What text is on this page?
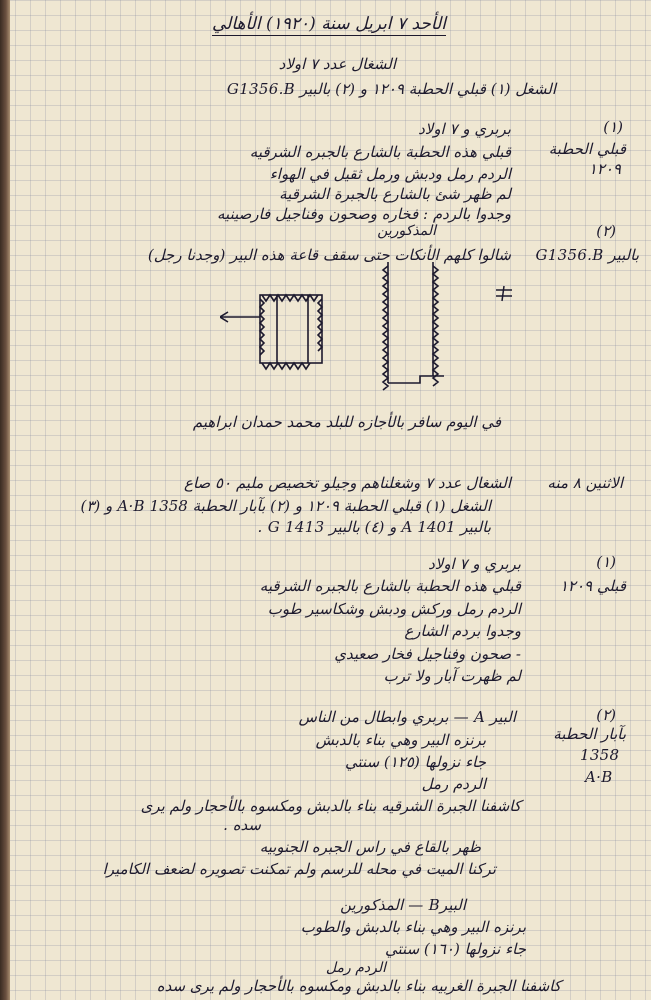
الأحد ٧ ابريل سنة (١٩٢٠) الأهالي
الشغال عدد ٧ اولاد
الشغل (١) قبلي الحطبة ١٢٠٩ و (٢) بالبير G1356.B
(١)
قبلي الحطبة
١٢٠٩
بربري و ٧ اولاد
قبلي هذه الحطبة بالشارع بالجبره الشرقيه
الردم رمل ودبش ورمل ثقيل في الهواء
لم ظهر شئ بالشارع بالجبرة الشرقية
وجدوا بالردم : فخاره وصحون وفناجيل فارصينيه
المذكورين	(٢)
بالبير G1356.B
شالوا كلهم الأنكات حتى سقف قاعة هذه البير (وجدنا رجل)
في اليوم سافر بالأجازه للبلد محمد حمدان ابراهيم
الاثنين ٨ منه
الشغال عدد ٧ وشغلناهم وجيلو تخصيص مليم ٥٠ صاع
الشغل (١) قبلي الحطبة ١٢٠٩ و (٢) بآبار الحطبة 1358 A·B و (٣)
بالبير 1401 A و (٤) بالبير G 1413 .
(١)
قبلي ١٢٠٩
بربري و ٧ اولاد
قبلي هذه الحطبة بالشارع بالجبره الشرقيه
الردم رمل وركش ودبش وشكاسير طوب
وجدوا بردم الشارع
- صحون وفناجيل فخار صعيدي
لم ظهرت آبار ولا ترب
(٢)
بآبار الحطبة
1358
A·B
البير A — بربري وابطال من الناس
برنزه البير وهي بناء بالدبش
جاء نزولها (١٢٥) سنتي
الردم رمل
كاشفنا الجبرة الشرقيه بناء بالدبش ومكسوه بالأحجار ولم يرى
سده .
ظهر بالقاع في راس الجبره الجنوبيه
تركنا الميت في محله للرسم ولم تمكنت تصويره لضعف الكاميرا
البيرB — المذكورين
برنزه البير وهي بناء بالدبش والطوب
جاء نزولها (١٦٠) سنتي
الردم رمل
كاشفنا الجبرة الغربيه بناء بالدبش ومكسوه بالأحجار ولم يرى سده
